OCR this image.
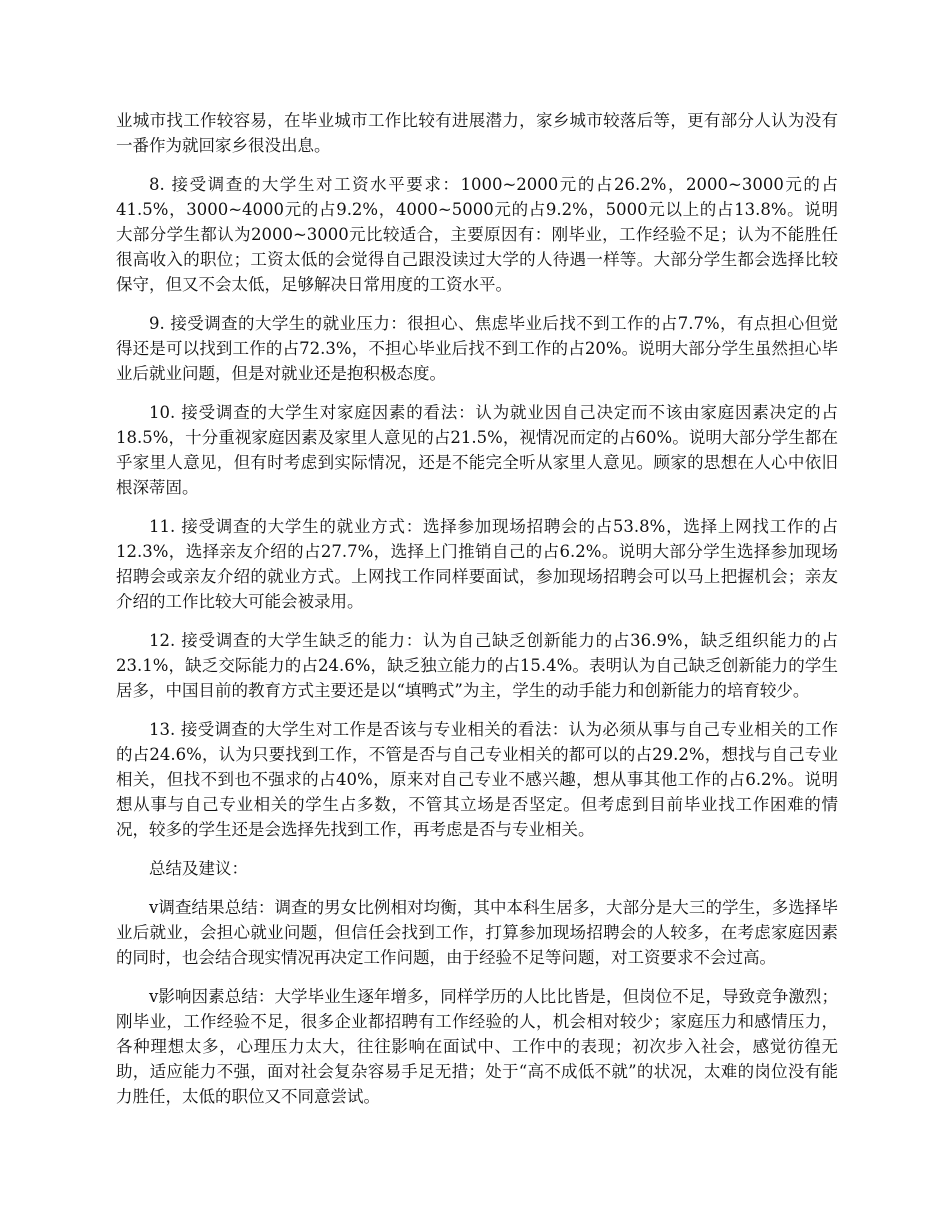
业城市找工作较容易，在毕业城市工作比较有进展潜力，家乡城市较落后等，更有部分人认为没有一番作为就回家乡很没出息。

8. 接受调查的大学生对工资水平要求：1000~2000元的占26.2%，2000~3000元的占41.5%，3000~4000元的占9.2%，4000~5000元的占9.2%，5000元以上的占13.8%。说明大部分学生都认为2000~3000元比较适合，主要原因有：刚毕业，工作经验不足；认为不能胜任很高收入的职位；工资太低的会觉得自己跟没读过大学的人待遇一样等。大部分学生都会选择比较保守，但又不会太低，足够解决日常用度的工资水平。

9. 接受调查的大学生的就业压力：很担心、焦虑毕业后找不到工作的占7.7%，有点担心但觉得还是可以找到工作的占72.3%，不担心毕业后找不到工作的占20%。说明大部分学生虽然担心毕业后就业问题，但是对就业还是抱积极态度。

10. 接受调查的大学生对家庭因素的看法：认为就业因自己决定而不该由家庭因素决定的占18.5%，十分重视家庭因素及家里人意见的占21.5%，视情况而定的占60%。说明大部分学生都在乎家里人意见，但有时考虑到实际情况，还是不能完全听从家里人意见。顾家的思想在人心中依旧根深蒂固。

11. 接受调查的大学生的就业方式：选择参加现场招聘会的占53.8%，选择上网找工作的占12.3%，选择亲友介绍的占27.7%，选择上门推销自己的占6.2%。说明大部分学生选择参加现场招聘会或亲友介绍的就业方式。上网找工作同样要面试，参加现场招聘会可以马上把握机会；亲友介绍的工作比较大可能会被录用。

12. 接受调查的大学生缺乏的能力：认为自己缺乏创新能力的占36.9%，缺乏组织能力的占23.1%，缺乏交际能力的占24.6%，缺乏独立能力的占15.4%。表明认为自己缺乏创新能力的学生居多，中国目前的教育方式主要还是以“填鸭式”为主，学生的动手能力和创新能力的培育较少。

13. 接受调查的大学生对工作是否该与专业相关的看法：认为必须从事与自己专业相关的工作的占24.6%，认为只要找到工作，不管是否与自己专业相关的都可以的占29.2%，想找与自己专业相关，但找不到也不强求的占40%，原来对自己专业不感兴趣，想从事其他工作的占6.2%。说明想从事与自己专业相关的学生占多数，不管其立场是否坚定。但考虑到目前毕业找工作困难的情况，较多的学生还是会选择先找到工作，再考虑是否与专业相关。

总结及建议：

v调查结果总结：调查的男女比例相对均衡，其中本科生居多，大部分是大三的学生，多选择毕业后就业，会担心就业问题，但信任会找到工作，打算参加现场招聘会的人较多，在考虑家庭因素的同时，也会结合现实情况再决定工作问题，由于经验不足等问题，对工资要求不会过高。

v影响因素总结：大学毕业生逐年增多，同样学历的人比比皆是，但岗位不足，导致竞争激烈；刚毕业，工作经验不足，很多企业都招聘有工作经验的人，机会相对较少；家庭压力和感情压力，各种理想太多，心理压力太大，往往影响在面试中、工作中的表现；初次步入社会，感觉彷徨无助，适应能力不强，面对社会复杂容易手足无措；处于“高不成低不就”的状况，太难的岗位没有能力胜任，太低的职位又不同意尝试。
